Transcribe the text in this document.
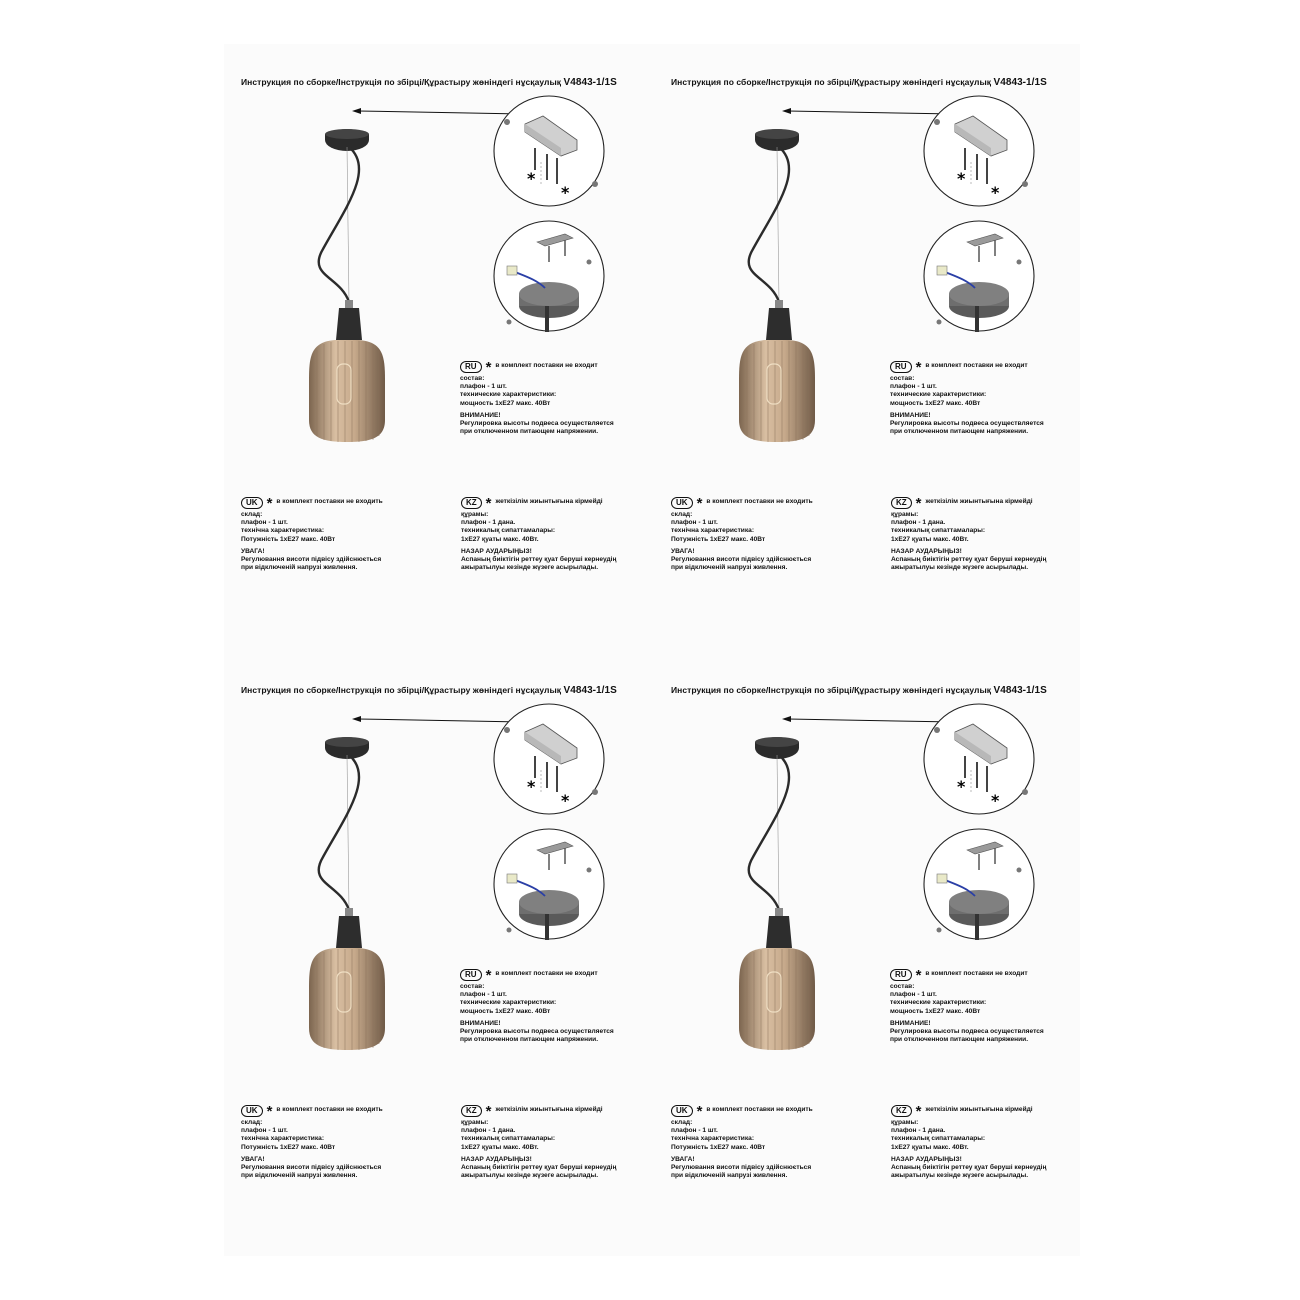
Инструкция по сборке/Інструкція по збірці/Құрастыру жөніндегі нұсқаулық V4843-1/1S
*
*
RU * в комплект поставки не входит
состав:
плафон - 1 шт.
технические характеристики:
мощность 1хE27 макс. 40Вт
ВНИМАНИЕ!
Регулировка высоты подвеса осуществляется
при отключенном питающем напряжении.
UK * в комплект поставки не входить
склад:
плафон - 1 шт.
технічна характеристика:
Потужність 1хE27 макс. 40Вт
УВАГА!
Регулювання висоти підвісу здійснюється
при відключеній напрузі живлення.
KZ * жеткізілім жиынтығына кірмейді
құрамы:
плафон - 1 дана.
техникалық сипаттамалары:
1хE27 қуаты макс. 40Вт.
НАЗАР АУДАРЫҢЫЗ!
Аспаның биіктігін реттеу қуат беруші кернеудің
ажыратылуы кезінде жүзеге асырылады.
Инструкция по сборке/Інструкція по збірці/Құрастыру жөніндегі нұсқаулық V4843-1/1S
*
*
RU * в комплект поставки не входит
состав:
плафон - 1 шт.
технические характеристики:
мощность 1хE27 макс. 40Вт
ВНИМАНИЕ!
Регулировка высоты подвеса осуществляется
при отключенном питающем напряжении.
UK * в комплект поставки не входить
склад:
плафон - 1 шт.
технічна характеристика:
Потужність 1хE27 макс. 40Вт
УВАГА!
Регулювання висоти підвісу здійснюється
при відключеній напрузі живлення.
KZ * жеткізілім жиынтығына кірмейді
құрамы:
плафон - 1 дана.
техникалық сипаттамалары:
1хE27 қуаты макс. 40Вт.
НАЗАР АУДАРЫҢЫЗ!
Аспаның биіктігін реттеу қуат беруші кернеудің
ажыратылуы кезінде жүзеге асырылады.
Инструкция по сборке/Інструкція по збірці/Құрастыру жөніндегі нұсқаулық V4843-1/1S
*
*
RU * в комплект поставки не входит
состав:
плафон - 1 шт.
технические характеристики:
мощность 1хE27 макс. 40Вт
ВНИМАНИЕ!
Регулировка высоты подвеса осуществляется
при отключенном питающем напряжении.
UK * в комплект поставки не входить
склад:
плафон - 1 шт.
технічна характеристика:
Потужність 1хE27 макс. 40Вт
УВАГА!
Регулювання висоти підвісу здійснюється
при відключеній напрузі живлення.
KZ * жеткізілім жиынтығына кірмейді
құрамы:
плафон - 1 дана.
техникалық сипаттамалары:
1хE27 қуаты макс. 40Вт.
НАЗАР АУДАРЫҢЫЗ!
Аспаның биіктігін реттеу қуат беруші кернеудің
ажыратылуы кезінде жүзеге асырылады.
Инструкция по сборке/Інструкція по збірці/Құрастыру жөніндегі нұсқаулық V4843-1/1S
*
*
RU * в комплект поставки не входит
состав:
плафон - 1 шт.
технические характеристики:
мощность 1хE27 макс. 40Вт
ВНИМАНИЕ!
Регулировка высоты подвеса осуществляется
при отключенном питающем напряжении.
UK * в комплект поставки не входить
склад:
плафон - 1 шт.
технічна характеристика:
Потужність 1хE27 макс. 40Вт
УВАГА!
Регулювання висоти підвісу здійснюється
при відключеній напрузі живлення.
KZ * жеткізілім жиынтығына кірмейді
құрамы:
плафон - 1 дана.
техникалық сипаттамалары:
1хE27 қуаты макс. 40Вт.
НАЗАР АУДАРЫҢЫЗ!
Аспаның биіктігін реттеу қуат беруші кернеудің
ажыратылуы кезінде жүзеге асырылады.
